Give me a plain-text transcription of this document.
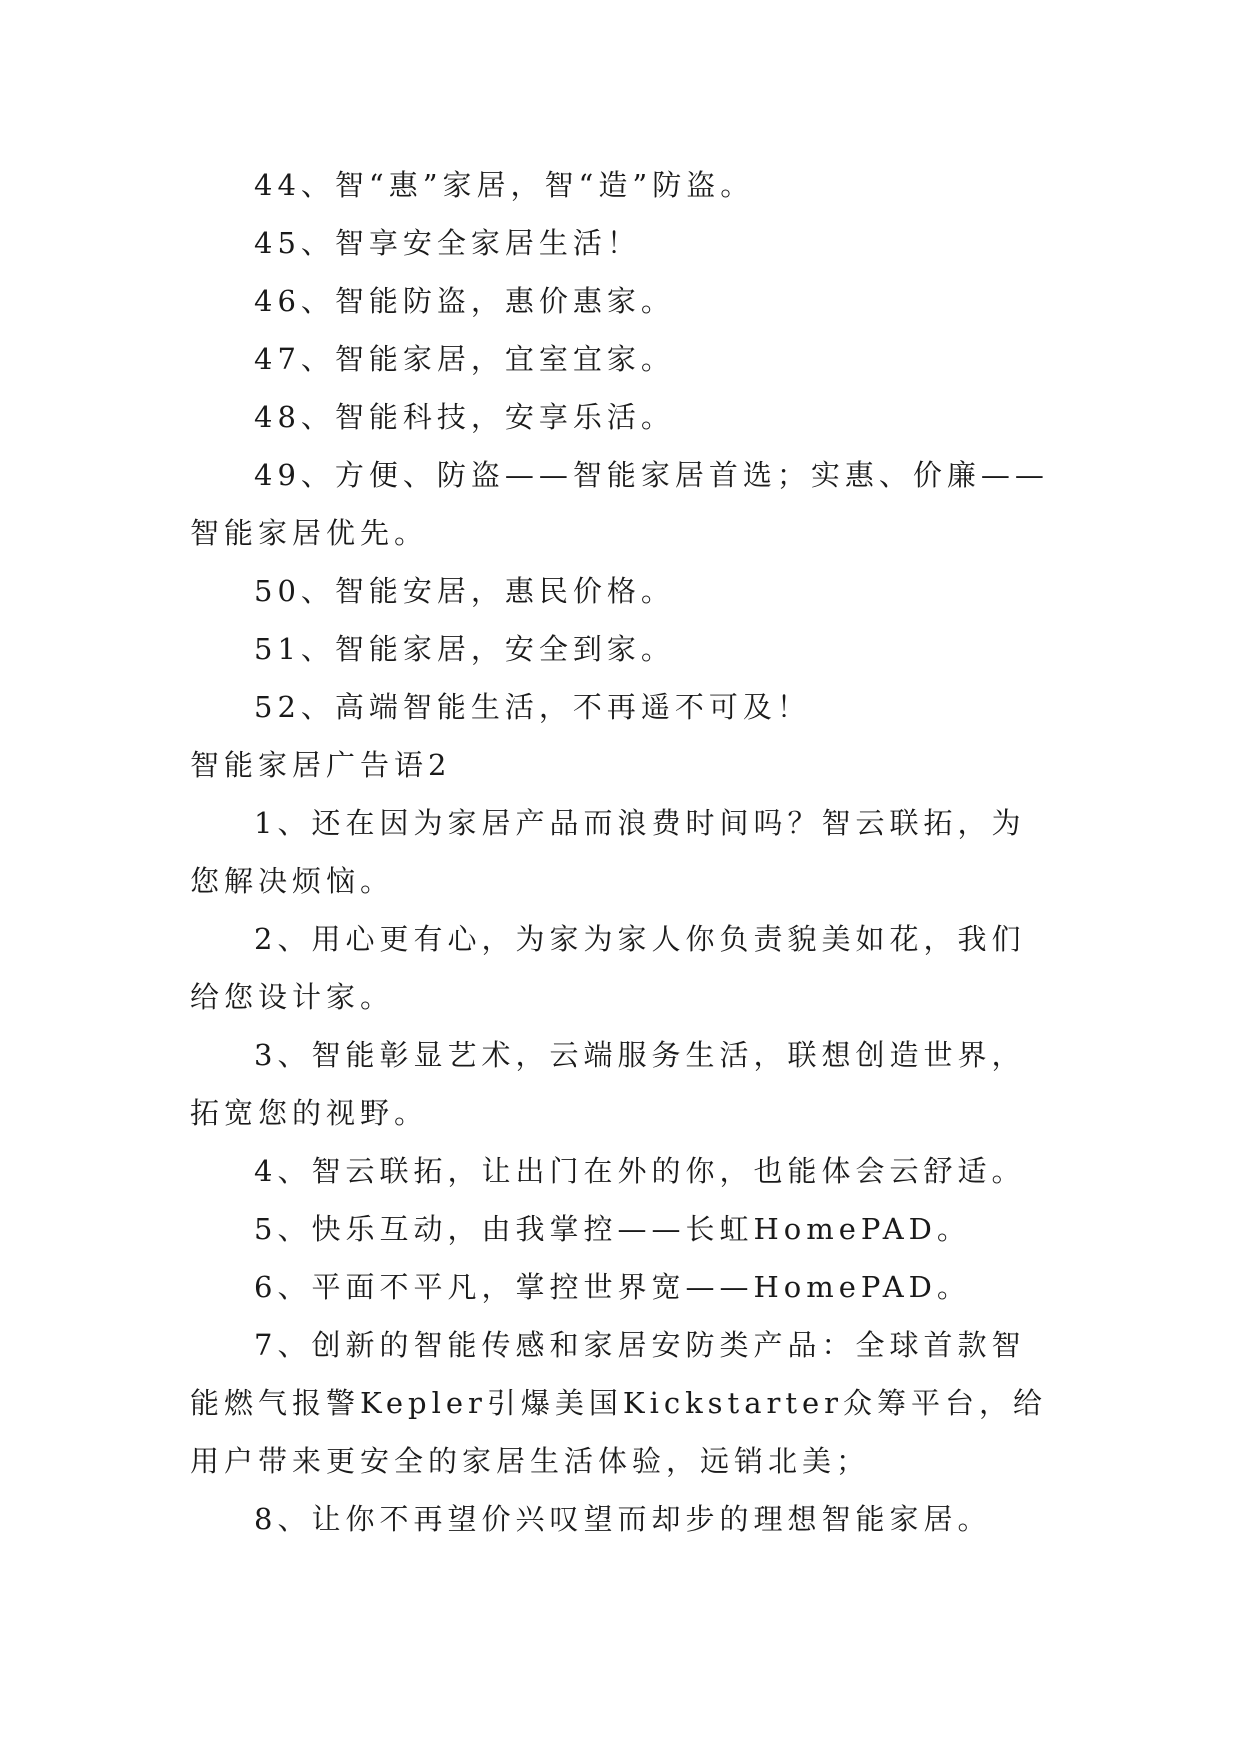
44、智“惠”家居，智“造”防盗。

45、智享安全家居生活！

46、智能防盗，惠价惠家。

47、智能家居，宜室宜家。

48、智能科技，安享乐活。

49、方便、防盗——智能家居首选；实惠、价廉——智能家居优先。

50、智能安居，惠民价格。

51、智能家居，安全到家。

52、高端智能生活，不再遥不可及！

智能家居广告语2

1、还在因为家居产品而浪费时间吗？智云联拓，为您解决烦恼。

2、用心更有心，为家为家人你负责貌美如花，我们给您设计家。

3、智能彰显艺术，云端服务生活，联想创造世界，拓宽您的视野。

4、智云联拓，让出门在外的你，也能体会云舒适。

5、快乐互动，由我掌控——长虹HomePAD。

6、平面不平凡，掌控世界宽——HomePAD。

7、创新的智能传感和家居安防类产品：全球首款智能燃气报警Kepler引爆美国Kickstarter众筹平台，给用户带来更安全的家居生活体验，远销北美；

8、让你不再望价兴叹望而却步的理想智能家居。
